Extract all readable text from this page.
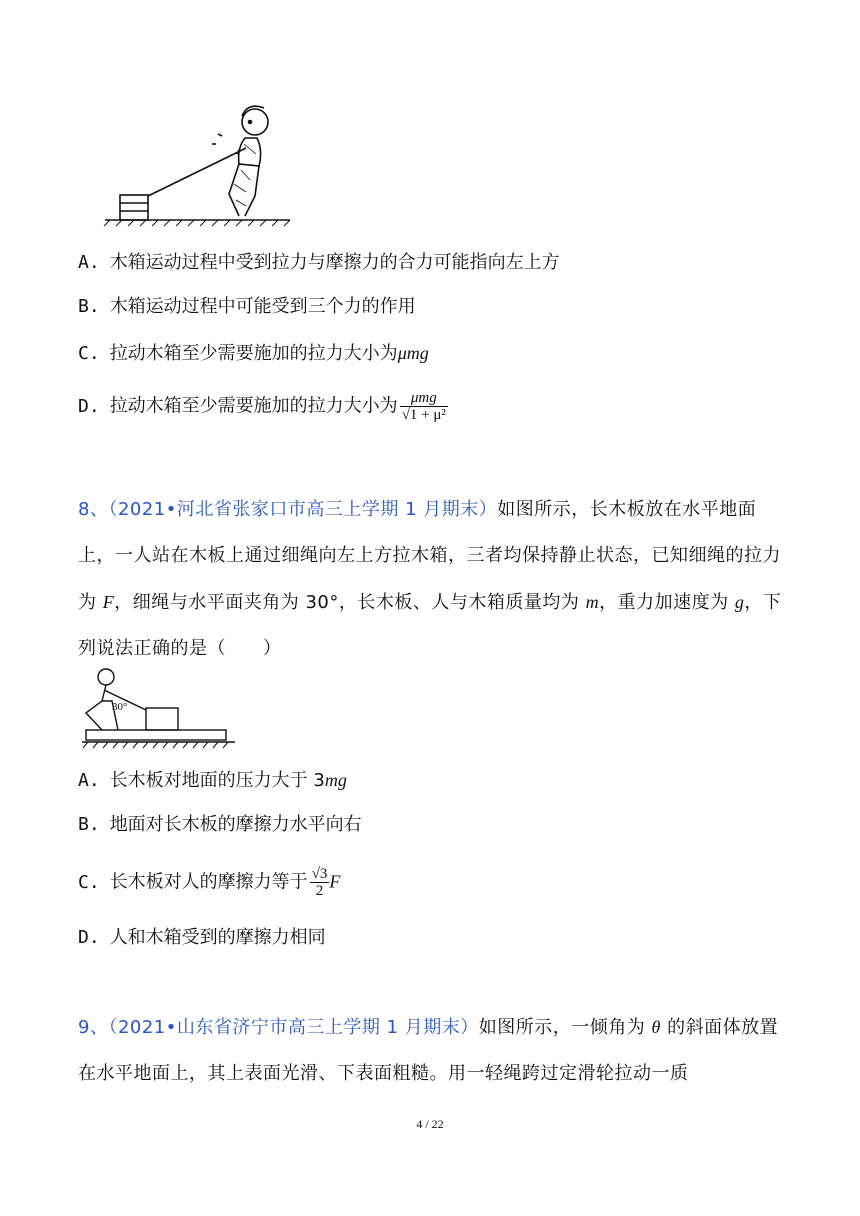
A. 木箱运动过程中受到拉力与摩擦力的合力可能指向左上方
B. 木箱运动过程中可能受到三个力的作用
C. 拉动木箱至少需要施加的拉力大小为μmg
D. 拉动木箱至少需要施加的拉力大小为 $\frac{\text{μmg}}{\text{√1 + μ²}}$
8、（2021•河北省张家口市高三上学期 1 月期末）如图所示，长木板放在水平地面上，一人站在木板上通过细绳向左上方拉木箱，三者均保持静止状态，已知细绳的拉力为 F，细绳与水平面夹角为 30°，长木板、人与木箱质量均为 m，重力加速度为 g，下列说法正确的是（　　）
30°
A. 长木板对地面的压力大于 3mg
B. 地面对长木板的摩擦力水平向右
C. 长木板对人的摩擦力等于 $\frac{√3}{2}$ F
D. 人和木箱受到的摩擦力相同
9、（2021•山东省济宁市高三上学期 1 月期末）如图所示，一倾角为 θ 的斜面体放置在水平地面上，其上表面光滑、下表面粗糙。用一轻绳跨过定滑轮拉动一质
4 / 22
